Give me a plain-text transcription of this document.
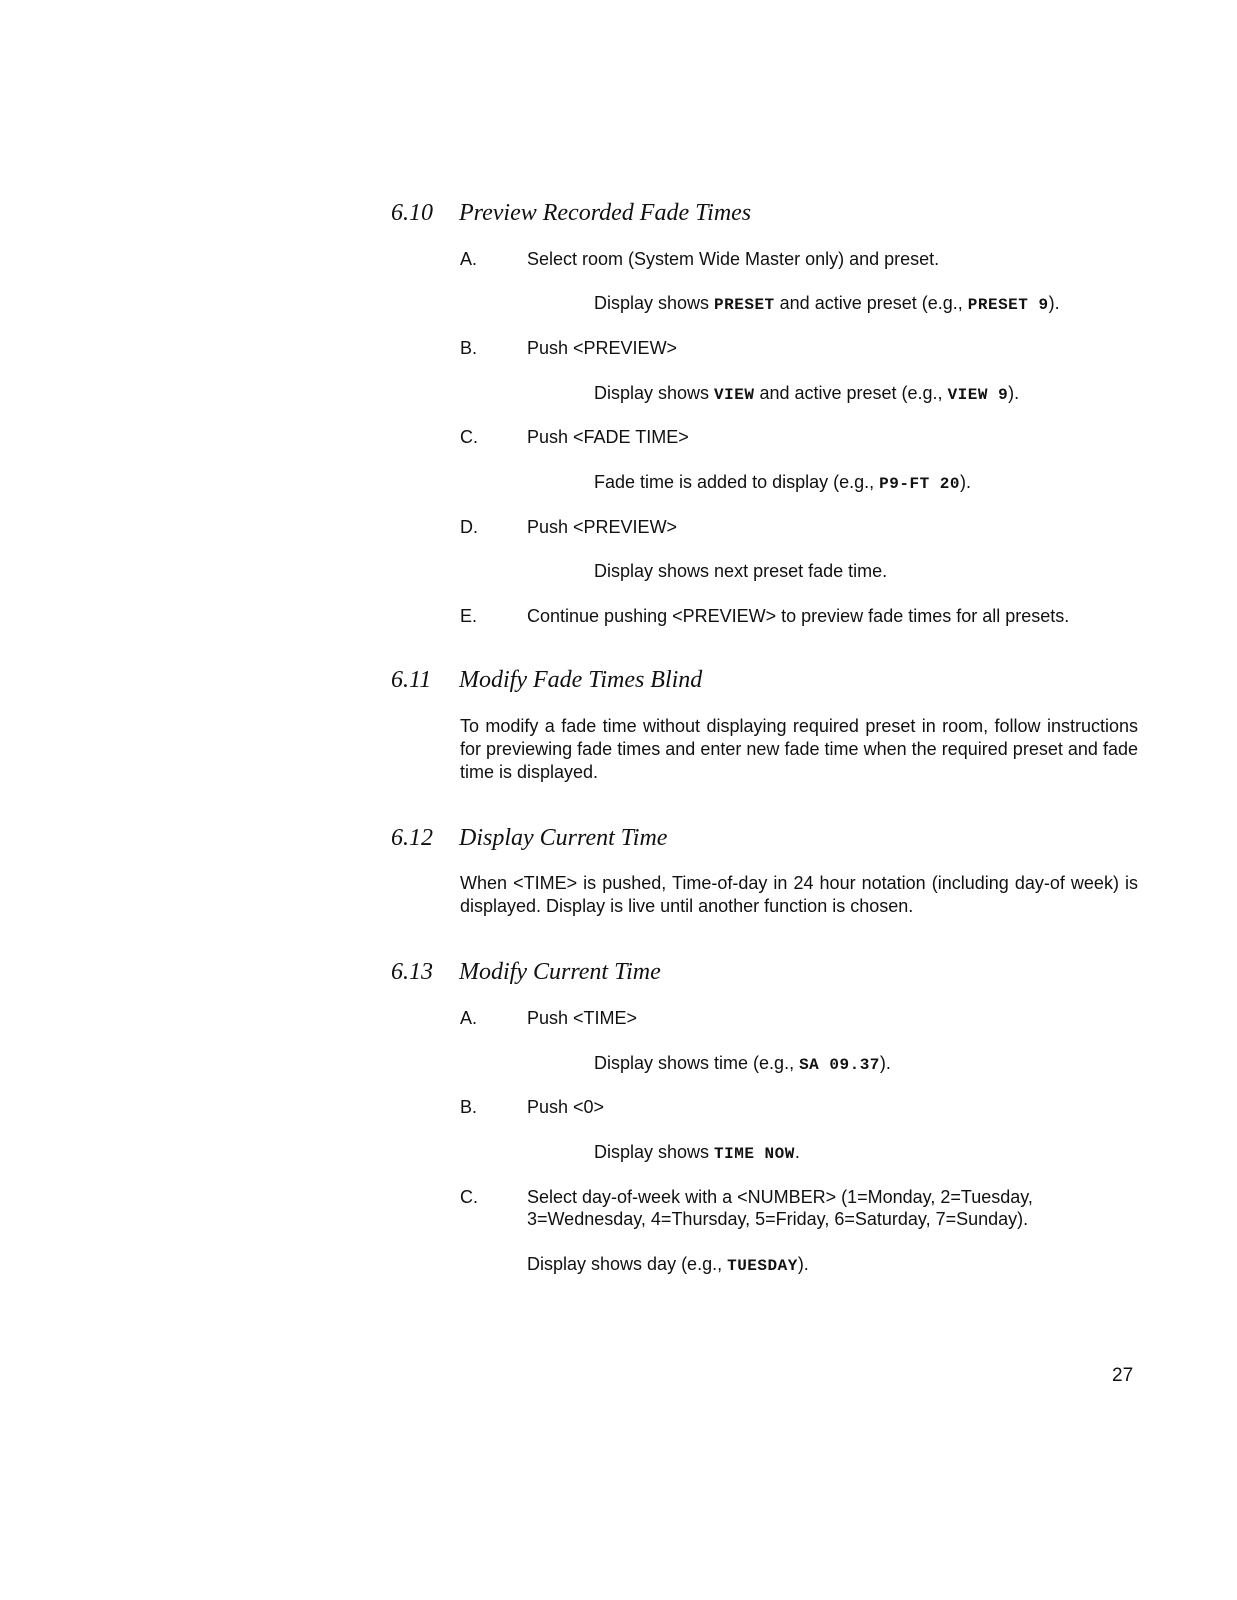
6.10 Preview Recorded Fade Times
A.	Select room (System Wide Master only) and preset.
Display shows PRESET and active preset (e.g., PRESET 9).
B.	Push <PREVIEW>
Display shows VIEW and active preset (e.g., VIEW 9).
C.	Push <FADE TIME>
Fade time is added to display (e.g., P9-FT 20).
D.	Push <PREVIEW>
Display shows next preset fade time.
E.	Continue pushing <PREVIEW> to preview fade times for all presets.
6.11 Modify Fade Times Blind
To modify a fade time without displaying required preset in room, follow instructions for previewing fade times and enter new fade time when the required preset and fade time is displayed.
6.12 Display Current Time
When <TIME> is pushed, Time-of-day in 24 hour notation (including day-of week) is displayed. Display is live until another function is chosen.
6.13 Modify Current Time
A.	Push <TIME>
Display shows time (e.g., SA 09.37).
B.	Push <0>
Display shows TIME NOW.
C.	Select day-of-week with a <NUMBER> (1=Monday, 2=Tuesday,
3=Wednesday, 4=Thursday, 5=Friday, 6=Saturday, 7=Sunday).
Display shows day (e.g., TUESDAY).
27
